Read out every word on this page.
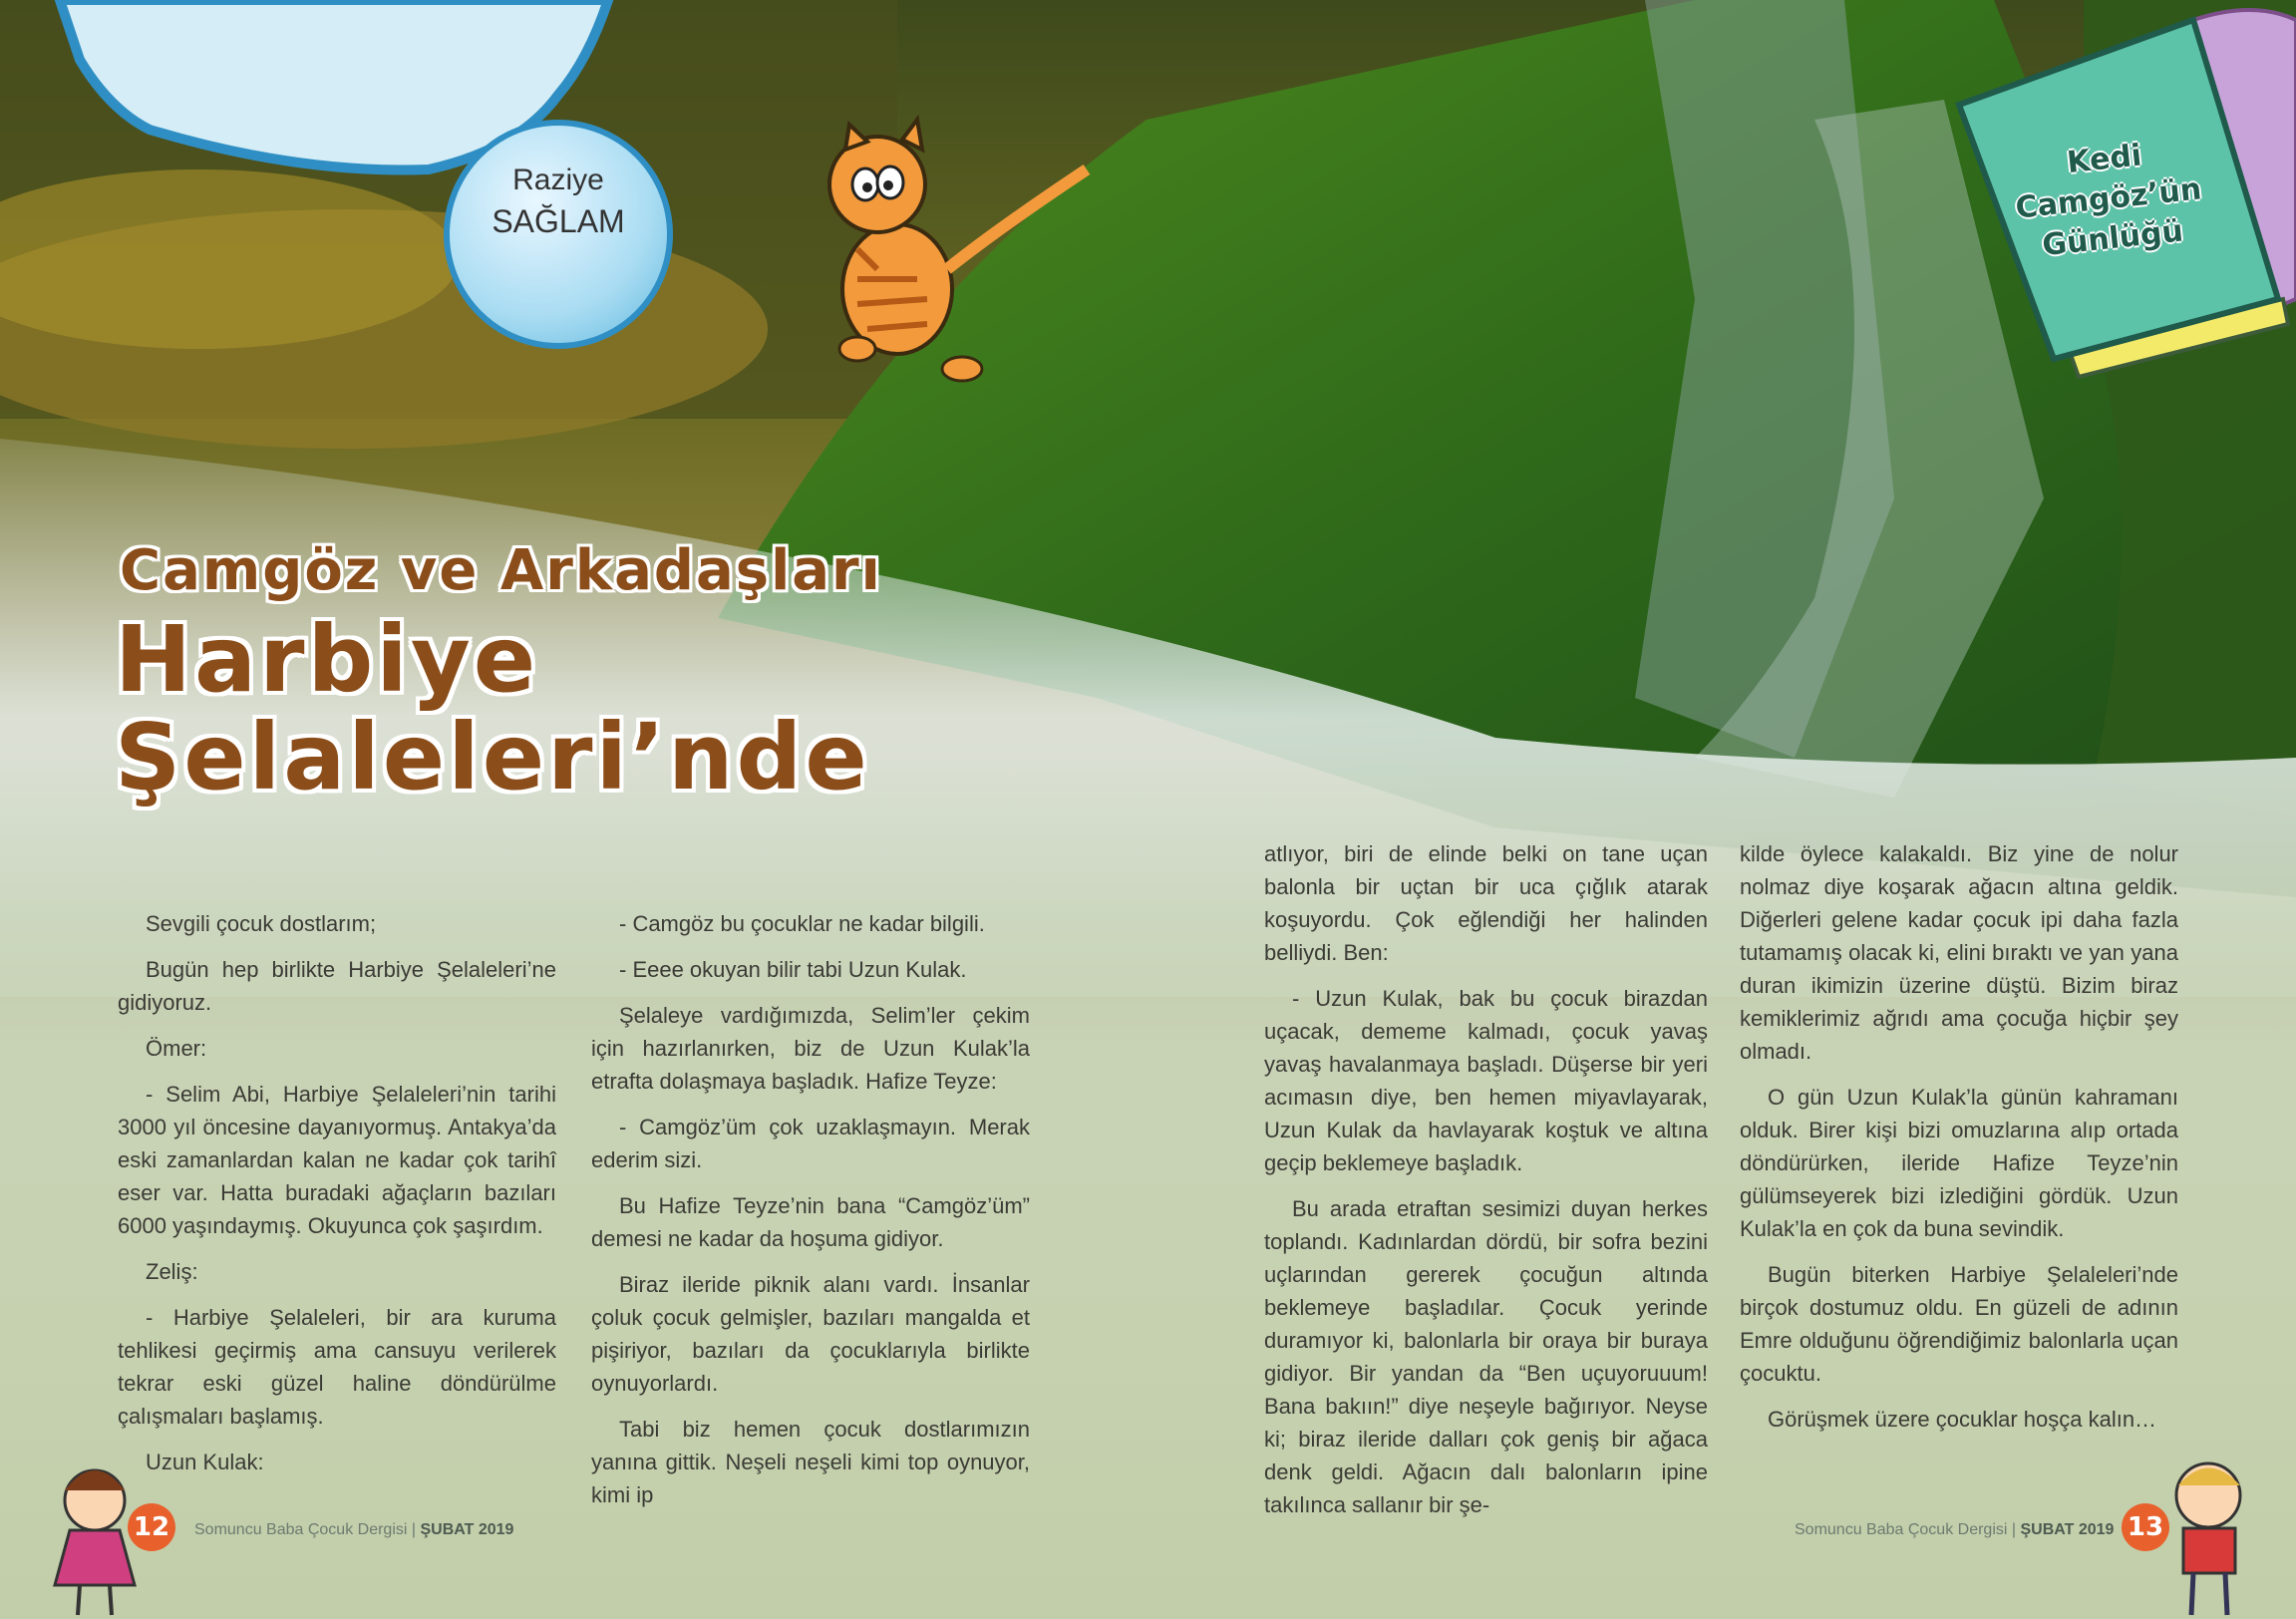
Raziye
SAĞLAM
Kedi
Camgöz’ün
Günlüğü
Camgöz ve Arkadaşları
Harbiye
Şelaleleri’nde

Sevgili çocuk dostlarım;

Bugün hep birlikte Harbiye Şelaleleri’ne gidiyoruz.

Ömer:

- Selim Abi, Harbiye Şelaleleri’nin tarihi 3000 yıl öncesine dayanıyormuş. Antakya’da eski zamanlardan kalan ne kadar çok tarihî eser var. Hatta buradaki ağaçların bazıları 6000 yaşındaymış. Okuyunca çok şaşırdım.

Zeliş:

- Harbiye Şelaleleri, bir ara kuruma tehlikesi geçirmiş ama cansuyu verilerek tekrar eski güzel haline döndürülme çalışmaları başlamış.

Uzun Kulak:

- Camgöz bu çocuklar ne kadar bilgili.

- Eeee okuyan bilir tabi Uzun Kulak.

Şelaleye vardığımızda, Selim’ler çekim için hazırlanırken, biz de Uzun Kulak’la etrafta dolaşmaya başladık. Hafize Teyze:

- Camgöz’üm çok uzaklaşmayın. Merak ederim sizi.

Bu Hafize Teyze’nin bana “Camgöz’üm” demesi ne kadar da hoşuma gidiyor.

Biraz ileride piknik alanı vardı. İnsanlar çoluk çocuk gelmişler, bazıları mangalda et pişiriyor, bazıları da çocuklarıyla birlikte oynuyorlardı.

Tabi biz hemen çocuk dostlarımızın yanına gittik. Neşeli neşeli kimi top oynuyor, kimi ip

atlıyor, biri de elinde belki on tane uçan balonla bir uçtan bir uca çığlık atarak koşuyordu. Çok eğlendiği her halinden belliydi. Ben:

- Uzun Kulak, bak bu çocuk birazdan uçacak, dememe kalmadı, çocuk yavaş yavaş havalanmaya başladı. Düşerse bir yeri acımasın diye, ben hemen miyavlayarak, Uzun Kulak da havlayarak koştuk ve altına geçip beklemeye başladık.

Bu arada etraftan sesimizi duyan herkes toplandı. Kadınlardan dördü, bir sofra bezini uçlarından gererek çocuğun altında beklemeye başladılar. Çocuk yerinde duramıyor ki, balonlarla bir oraya bir buraya gidiyor. Bir yandan da “Ben uçuyoruuum! Bana bakıın!” diye neşeyle bağırıyor. Neyse ki; biraz ileride dalları çok geniş bir ağaca denk geldi. Ağacın dalı balonların ipine takılınca sallanır bir şe-

kilde öylece kalakaldı. Biz yine de nolur nolmaz diye koşarak ağacın altına geldik. Diğerleri gelene kadar çocuk ipi daha fazla tutamamış olacak ki, elini bıraktı ve yan yana duran ikimizin üzerine düştü. Bizim biraz kemiklerimiz ağrıdı ama çocuğa hiçbir şey olmadı.

O gün Uzun Kulak’la günün kahramanı olduk. Birer kişi bizi omuzlarına alıp ortada döndürürken, ileride Hafize Teyze’nin gülümseyerek bizi izlediğini gördük. Uzun Kulak’la en çok da buna sevindik.

Bugün biterken Harbiye Şelaleleri’nde birçok dostumuz oldu. En güzeli de adının Emre olduğunu öğrendiğimiz balonlarla uçan çocuktu.

Görüşmek üzere çocuklar hoşça kalın…

12	Somuncu Baba Çocuk Dergisi | ŞUBAT 2019	Somuncu Baba Çocuk Dergisi | ŞUBAT 2019 13
